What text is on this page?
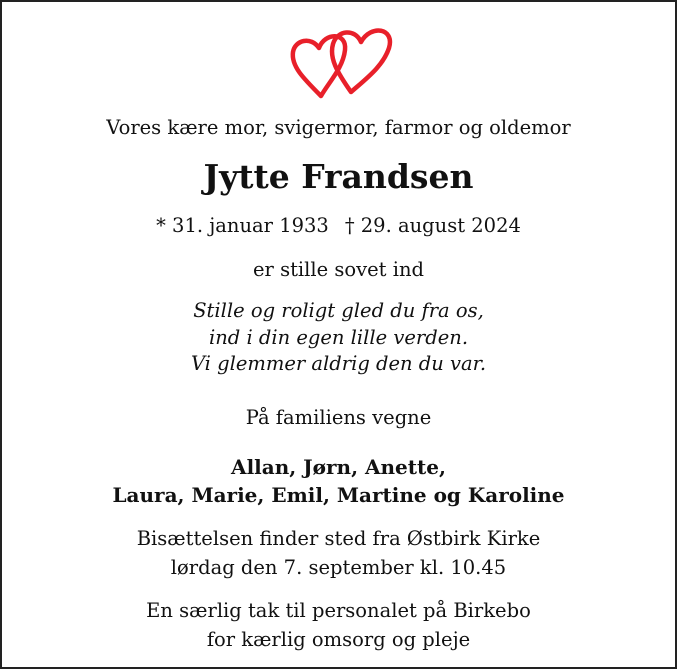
Vores kære mor, svigermor, farmor og oldemor
Jytte Frandsen
* 31. januar 1933 † 29. august 2024
er stille sovet ind
Stille og roligt gled du fra os,
ind i din egen lille verden.
Vi glemmer aldrig den du var.
På familiens vegne
Allan, Jørn, Anette,
Laura, Marie, Emil, Martine og Karoline
Bisættelsen finder sted fra Østbirk Kirke
lørdag den 7. september kl. 10.45
En særlig tak til personalet på Birkebo
for kærlig omsorg og pleje
